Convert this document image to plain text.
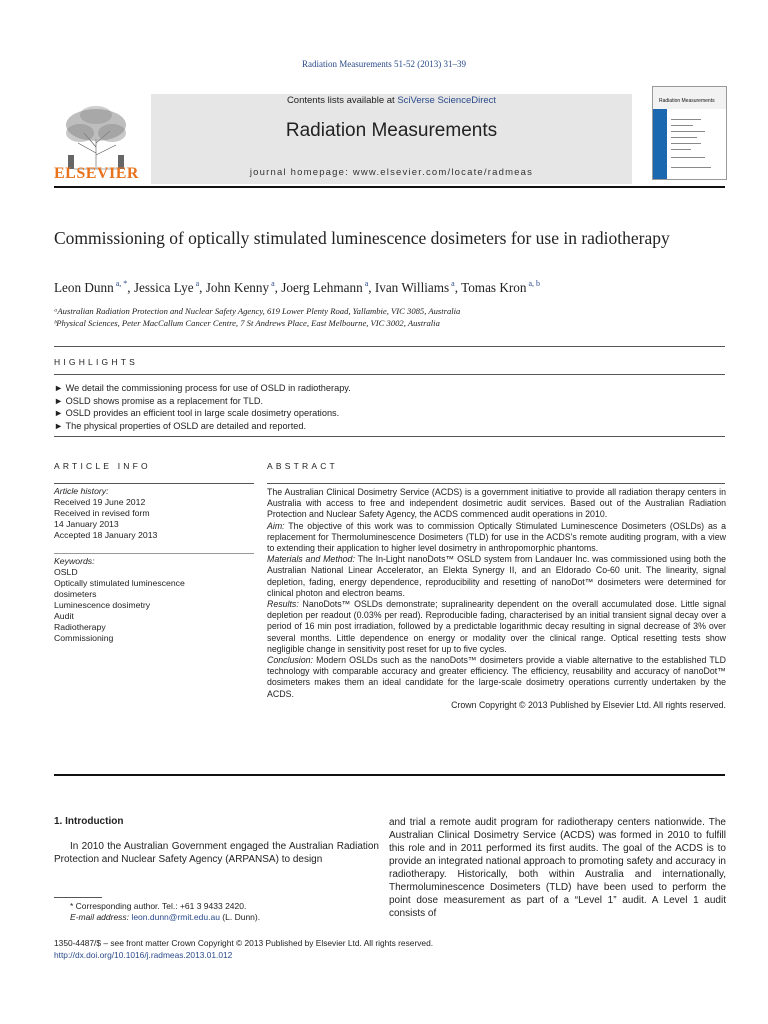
Radiation Measurements 51-52 (2013) 31–39
ELSEVIER
Contents lists available at SciVerse ScienceDirect
Radiation Measurements
journal homepage: www.elsevier.com/locate/radmeas
Radiation Measurements
Commissioning of optically stimulated luminescence dosimeters for use in radiotherapy
Leon Dunn $^{a, *}$, Jessica Lye $^a$, John Kenny $^a$, Joerg Lehmann $^a$, Ivan Williams $^a$, Tomas Kron $^{a, b}$
ᵃAustralian Radiation Protection and Nuclear Safety Agency, 619 Lower Plenty Road, Yallambie, VIC 3085, Australia
ᵇPhysical Sciences, Peter MacCallum Cancer Centre, 7 St Andrews Place, East Melbourne, VIC 3002, Australia
HIGHLIGHTS
► We detail the commissioning process for use of OSLD in radiotherapy.
► OSLD shows promise as a replacement for TLD.
► OSLD provides an efficient tool in large scale dosimetry operations.
► The physical properties of OSLD are detailed and reported.
ARTICLE INFO	ABSTRACT
Article history:
Received 19 June 2012
Received in revised form
14 January 2013
Accepted 18 January 2013
Keywords:
OSLD
Optically stimulated luminescence
dosimeters
Luminescence dosimetry
Audit
Radiotherapy
Commissioning

The Australian Clinical Dosimetry Service (ACDS) is a government initiative to provide all radiation therapy centers in Australia with access to free and independent dosimetric audit services. Based out of the Australian Radiation Protection and Nuclear Safety Agency, the ACDS commenced audit operations in 2010.

Aim: The objective of this work was to commission Optically Stimulated Luminescence Dosimeters (OSLDs) as a replacement for Thermoluminescence Dosimeters (TLD) for use in the ACDS's remote auditing program, with a view to extending their application to higher level dosimetry in anthropomorphic phantoms.

Materials and Method: The In-Light nanoDots™ OSLD system from Landauer Inc. was commissioned using both the Australian National Linear Accelerator, an Elekta Synergy II, and an Eldorado Co-60 unit. The linearity, signal depletion, fading, energy dependence, reproducibility and resetting of nanoDot™ dosimeters were determined for clinical photon and electron beams.

Results: NanoDots™ OSLDs demonstrate; supralinearity dependent on the overall accumulated dose. Little signal depletion per readout (0.03% per read). Reproducible fading, characterised by an initial transient signal decay over a period of 16 min post irradiation, followed by a predictable logarithmic decay resulting in signal decrease of 3% over several months. Little dependence on energy or modality over the clinical range. Optical resetting tests show negligible change in sensitivity post reset for up to five cycles.

Conclusion: Modern OSLDs such as the nanoDots™ dosimeters provide a viable alternative to the established TLD technology with comparable accuracy and greater efficiency. The efficiency, reusability and accuracy of nanoDot™ dosimeters makes them an ideal candidate for the large-scale dosimetry operations currently undertaken by the ACDS.

Crown Copyright © 2013 Published by Elsevier Ltd. All rights reserved.

1. Introduction
In 2010 the Australian Government engaged the Australian Radiation Protection and Nuclear Safety Agency (ARPANSA) to design
and trial a remote audit program for radiotherapy centers nationwide. The Australian Clinical Dosimetry Service (ACDS) was formed in 2010 to fulfill this role and in 2011 performed its first audits. The goal of the ACDS is to provide an integrated national approach to promoting safety and accuracy in radiotherapy. Historically, both within Australia and internationally, Thermoluminescence Dosimeters (TLD) have been used to perform the point dose measurement as part of a “Level 1” audit. A Level 1 audit consists of
* Corresponding author. Tel.: +61 3 9433 2420.
E-mail address: leon.dunn@rmit.edu.au (L. Dunn).
1350-4487/$ – see front matter Crown Copyright © 2013 Published by Elsevier Ltd. All rights reserved.
http://dx.doi.org/10.1016/j.radmeas.2013.01.012
